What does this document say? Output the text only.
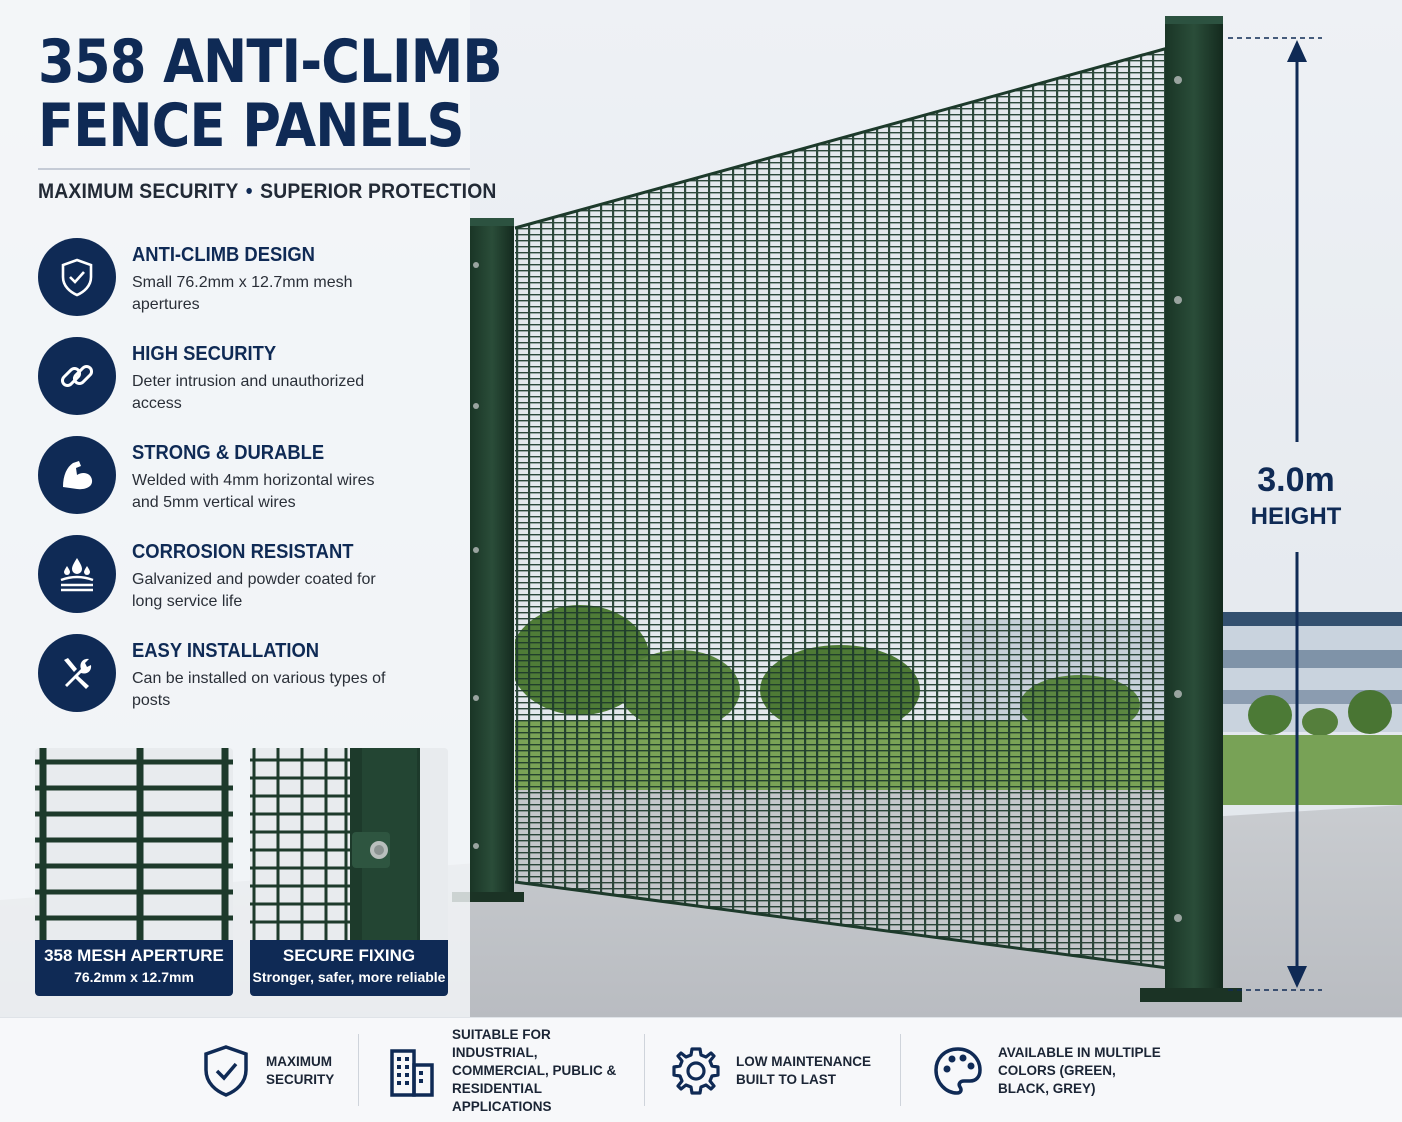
358 ANTI-CLIMB
FENCE PANELS
MAXIMUM SECURITY • SUPERIOR PROTECTION
ANTI-CLIMB DESIGN
Small 76.2mm x 12.7mm mesh apertures
HIGH SECURITY
Deter intrusion and unauthorized access
STRONG & DURABLE
Welded with 4mm horizontal wires and 5mm vertical wires
CORROSION RESISTANT
Galvanized and powder coated for long service life
EASY INSTALLATION
Can be installed on various types of posts
358 MESH APERTURE
76.2mm x 12.7mm
SECURE FIXING
Stronger, safer, more reliable
3.0m
HEIGHT
MAXIMUM SECURITY
SUITABLE FOR INDUSTRIAL, COMMERCIAL, PUBLIC & RESIDENTIAL APPLICATIONS
LOW MAINTENANCE BUILT TO LAST
AVAILABLE IN MULTIPLE COLORS (GREEN, BLACK, GREY)
